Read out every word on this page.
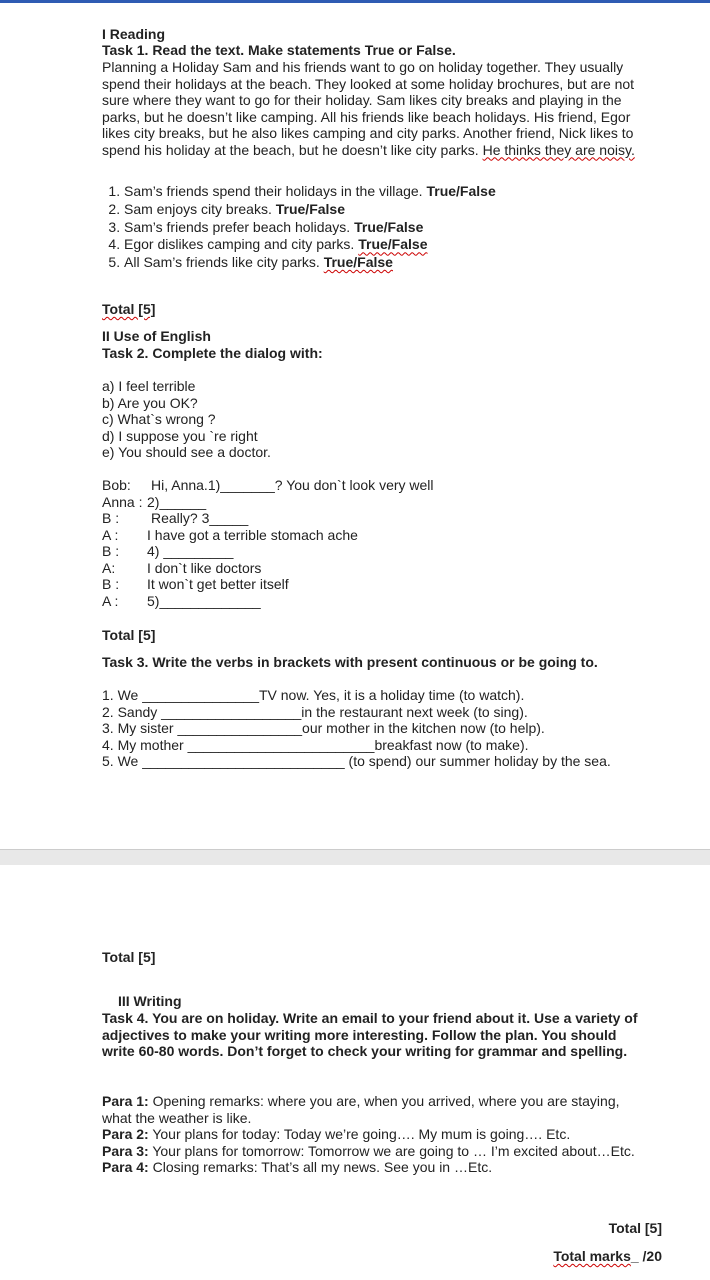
I Reading
Task 1. Read the text. Make statements True or False.
Planning a Holiday Sam and his friends want to go on holiday together. They usually
spend their holidays at the beach. They looked at some holiday brochures, but are not
sure where they want to go for their holiday. Sam likes city breaks and playing in the
parks, but he doesn’t like camping. All his friends like beach holidays. His friend, Egor
likes city breaks, but he also likes camping and city parks. Another friend, Nick likes to
spend his holiday at the beach, but he doesn’t like city parks. He thinks they are noisy.
1. Sam’s friends spend their holidays in the village. True/False
2. Sam enjoys city breaks. True/False
3. Sam’s friends prefer beach holidays. True/False
4. Egor dislikes camping and city parks. True/False
5. All Sam’s friends like city parks. True/False
Total [5]
II Use of English
Task 2. Complete the dialog with:
a) I feel terrible
b) Are you OK?
c) What`s wrong ?
d) I suppose you `re right
e) You should see a doctor.
Bob: Hi, Anna.1)_______? You don`t look very well
Anna : 2)______
B : Really? 3_____
A : I have got a terrible stomach ache
B : 4) _________
A: I don`t like doctors
B : It won`t get better itself
A : 5)_____________
Total [5]
Task 3. Write the verbs in brackets with present continuous or be going to.
1. We _______________TV now. Yes, it is a holiday time (to watch).
2. Sandy __________________in the restaurant next week (to sing).
3. My sister ________________our mother in the kitchen now (to help).
4. My mother ________________________breakfast now (to make).
5. We __________________________ (to spend) our summer holiday by the sea.
Total [5]
III Writing
Task 4. You are on holiday. Write an email to your friend about it. Use a variety of
adjectives to make your writing more interesting. Follow the plan. You should
write 60-80 words. Don’t forget to check your writing for grammar and spelling.
Para 1: Opening remarks: where you are, when you arrived, where you are staying,
what the weather is like.
Para 2: Your plans for today: Today we’re going…. My mum is going…. Etc.
Para 3: Your plans for tomorrow: Tomorrow we are going to … I’m excited about…Etc.
Para 4: Closing remarks: That’s all my news. See you in …Etc.
Total [5]
Total marks_ /20
